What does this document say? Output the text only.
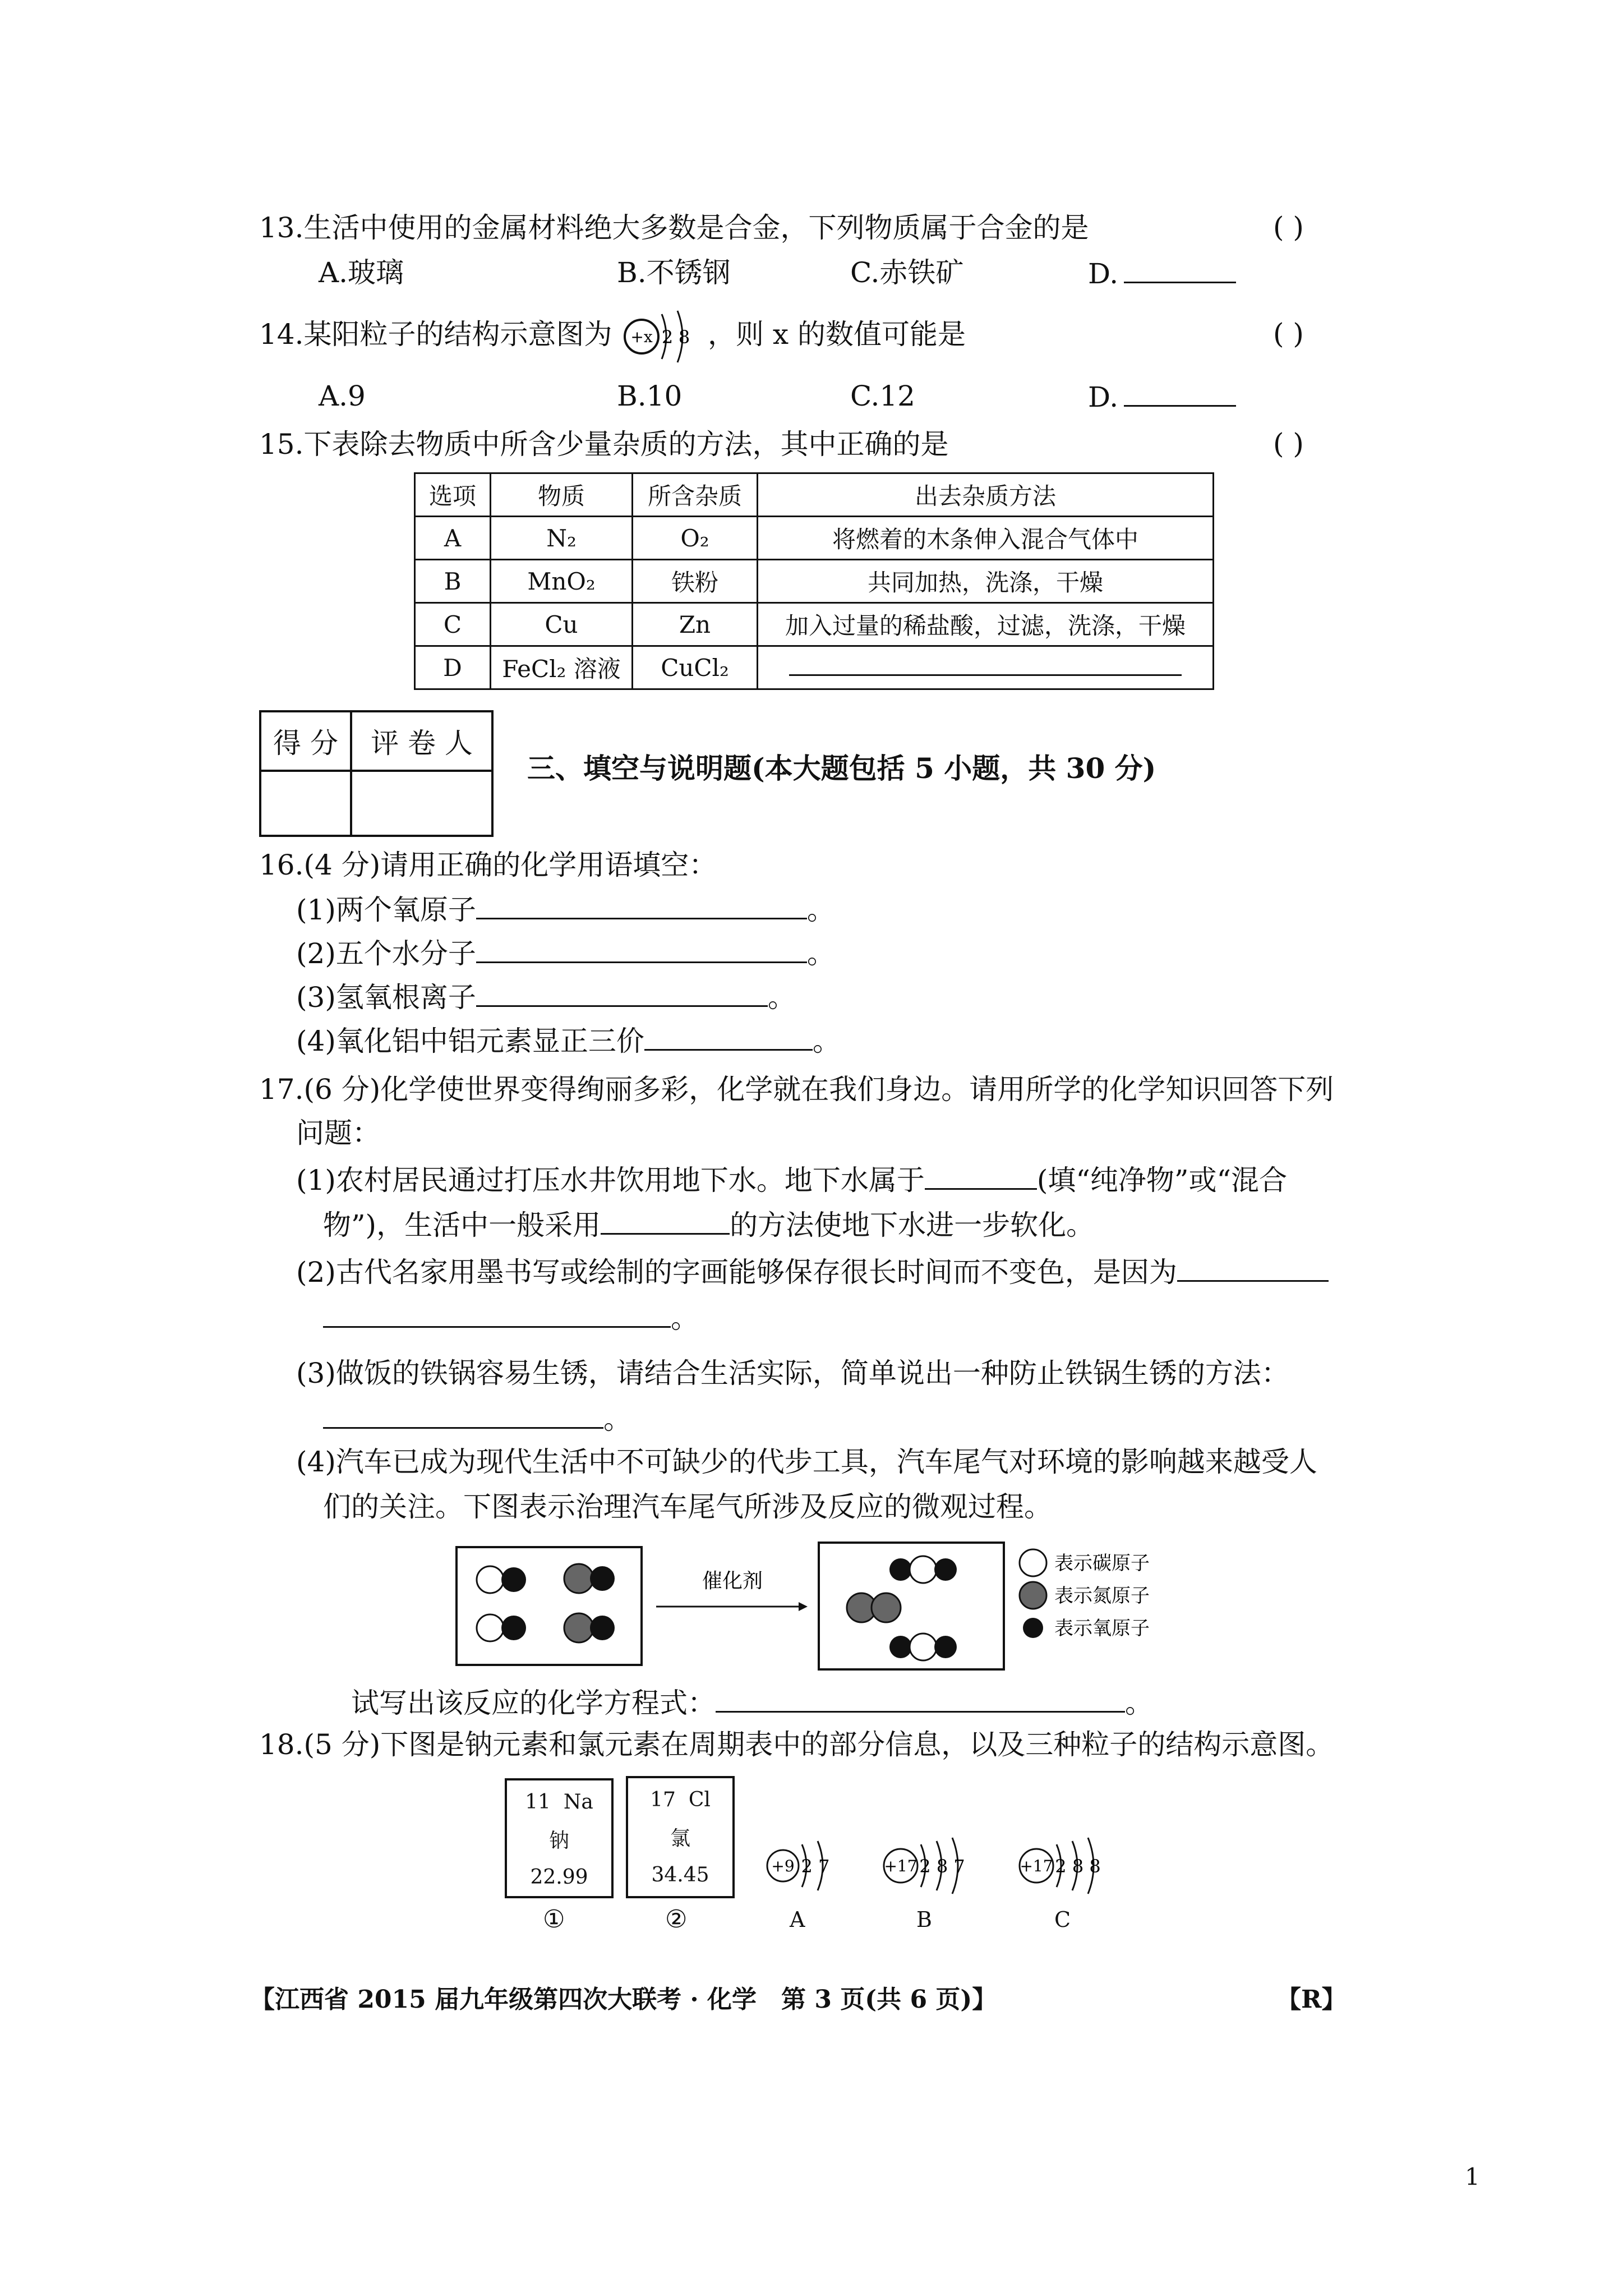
13.生活中使用的金属材料绝大多数是合金，下列物质属于合金的是	( )
A.玻璃	B.不锈钢	C.赤铁矿	D.
14.某阳粒子的结构示意图为 +x 2 8 ，则 x 的数值可能是	( )
A.9	B.10	C.12	D.
15.下表除去物质中所含少量杂质的方法，其中正确的是	( )
选项	物质	所含杂质	出去杂质方法
A	N₂	O₂	将燃着的木条伸入混合气体中
B	MnO₂	铁粉	共同加热，洗涤，干燥
C	Cu	Zn	加入过量的稀盐酸，过滤，洗涤，干燥
D	FeCl₂ 溶液	CuCl₂	
得 分	评 卷 人

三、填空与说明题(本大题包括 5 小题，共 30 分)
16.(4 分)请用正确的化学用语填空：
(1)两个氧原子	。
(2)五个水分子	。
(3)氢氧根离子	。
(4)氧化铝中铝元素显正三价	。
17.(6 分)化学使世界变得绚丽多彩，化学就在我们身边。请用所学的化学知识回答下列
问题：
(1)农村居民通过打压水井饮用地下水。地下水属于	(填“纯净物”或“混合
物”)，生活中一般采用	的方法使地下水进一步软化。
(2)古代名家用墨书写或绘制的字画能够保存很长时间而不变色，是因为
。
(3)做饭的铁锅容易生锈，请结合生活实际，简单说出一种防止铁锅生锈的方法：
。
(4)汽车已成为现代生活中不可缺少的代步工具，汽车尾气对环境的影响越来越受人
们的关注。下图表示治理汽车尾气所涉及反应的微观过程。
催化剂
表示碳原子
表示氮原子
表示氧原子
试写出该反应的化学方程式：	。
18.(5 分)下图是钠元素和氯元素在周期表中的部分信息，以及三种粒子的结构示意图。
11 Na
钠
22.99
①
17 Cl
氯
34.45
②
+9 2 7
A
+17 2 8 7
B
+17 2 8 8
C
【江西省 2015 届九年级第四次大联考 · 化学　第 3 页(共 6 页)】	【R】
1
